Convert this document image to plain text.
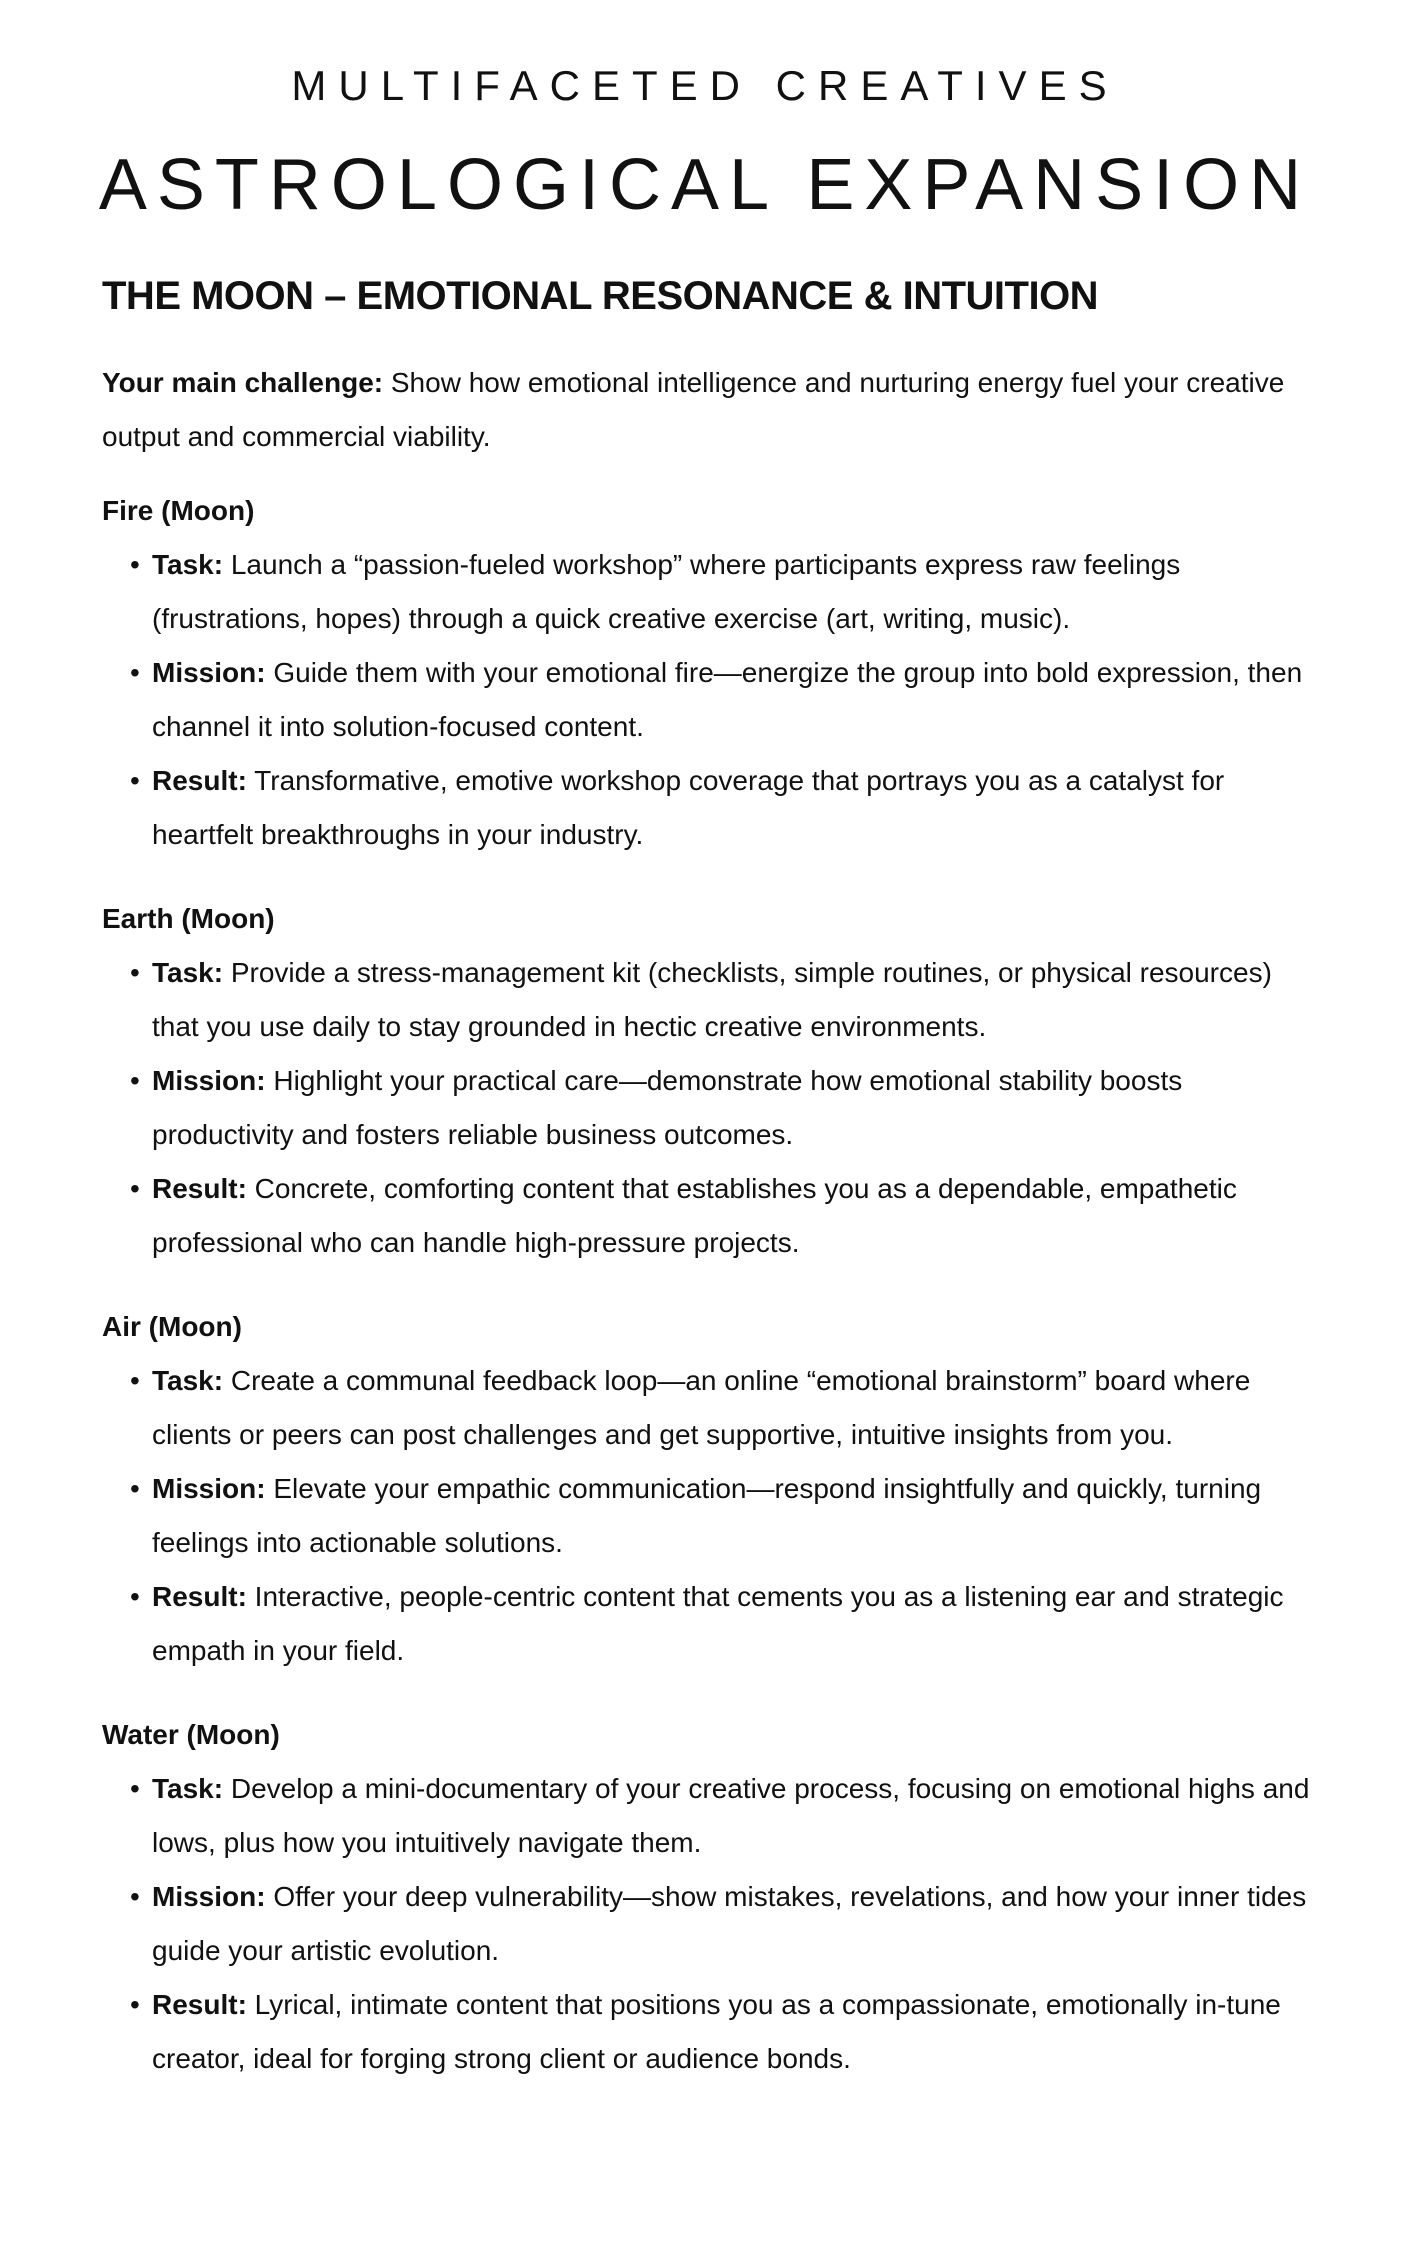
MULTIFACETED CREATIVES
ASTROLOGICAL EXPANSION
THE MOON – EMOTIONAL RESONANCE & INTUITION

Your main challenge: Show how emotional intelligence and nurturing energy fuel your creative output and commercial viability.

Fire (Moon)
• Task: Launch a “passion-fueled workshop” where participants express raw feelings (frustrations, hopes) through a quick creative exercise (art, writing, music).
• Mission: Guide them with your emotional fire—energize the group into bold expression, then channel it into solution-focused content.
• Result: Transformative, emotive workshop coverage that portrays you as a catalyst for heartfelt breakthroughs in your industry.
Earth (Moon)
• Task: Provide a stress-management kit (checklists, simple routines, or physical resources) that you use daily to stay grounded in hectic creative environments.
• Mission: Highlight your practical care—demonstrate how emotional stability boosts productivity and fosters reliable business outcomes.
• Result: Concrete, comforting content that establishes you as a dependable, empathetic professional who can handle high-pressure projects.
Air (Moon)
• Task: Create a communal feedback loop—an online “emotional brainstorm” board where clients or peers can post challenges and get supportive, intuitive insights from you.
• Mission: Elevate your empathic communication—respond insightfully and quickly, turning feelings into actionable solutions.
• Result: Interactive, people-centric content that cements you as a listening ear and strategic empath in your field.
Water (Moon)
• Task: Develop a mini-documentary of your creative process, focusing on emotional highs and lows, plus how you intuitively navigate them.
• Mission: Offer your deep vulnerability—show mistakes, revelations, and how your inner tides guide your artistic evolution.
• Result: Lyrical, intimate content that positions you as a compassionate, emotionally in-tune creator, ideal for forging strong client or audience bonds.
